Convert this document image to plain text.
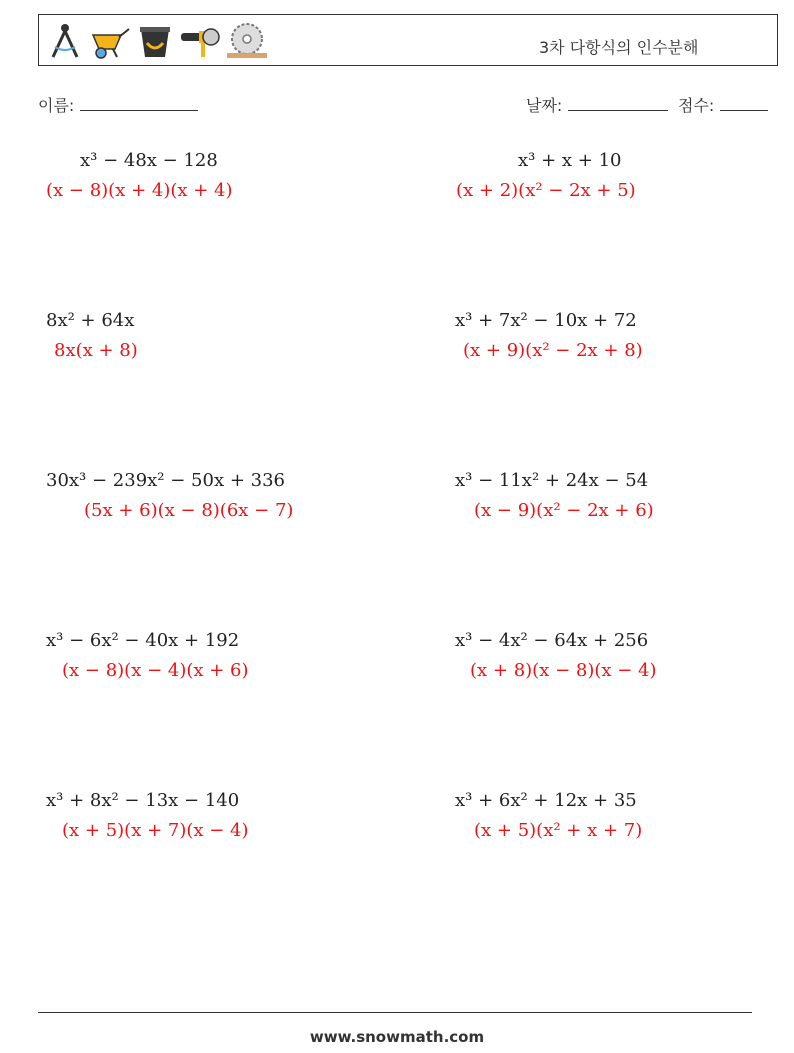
3차 다항식의 인수분해
이름:	날짜:	점수:
x³ − 48x − 128
(x − 8)(x + 4)(x + 4)
x³ + x + 10
(x + 2)(x² − 2x + 5)
8x² + 64x
8x(x + 8)
x³ + 7x² − 10x + 72
(x + 9)(x² − 2x + 8)
30x³ − 239x² − 50x + 336
(5x + 6)(x − 8)(6x − 7)
x³ − 11x² + 24x − 54
(x − 9)(x² − 2x + 6)
x³ − 6x² − 40x + 192
(x − 8)(x − 4)(x + 6)
x³ − 4x² − 64x + 256
(x + 8)(x − 8)(x − 4)
x³ + 8x² − 13x − 140
(x + 5)(x + 7)(x − 4)
x³ + 6x² + 12x + 35
(x + 5)(x² + x + 7)
www.snowmath.com
